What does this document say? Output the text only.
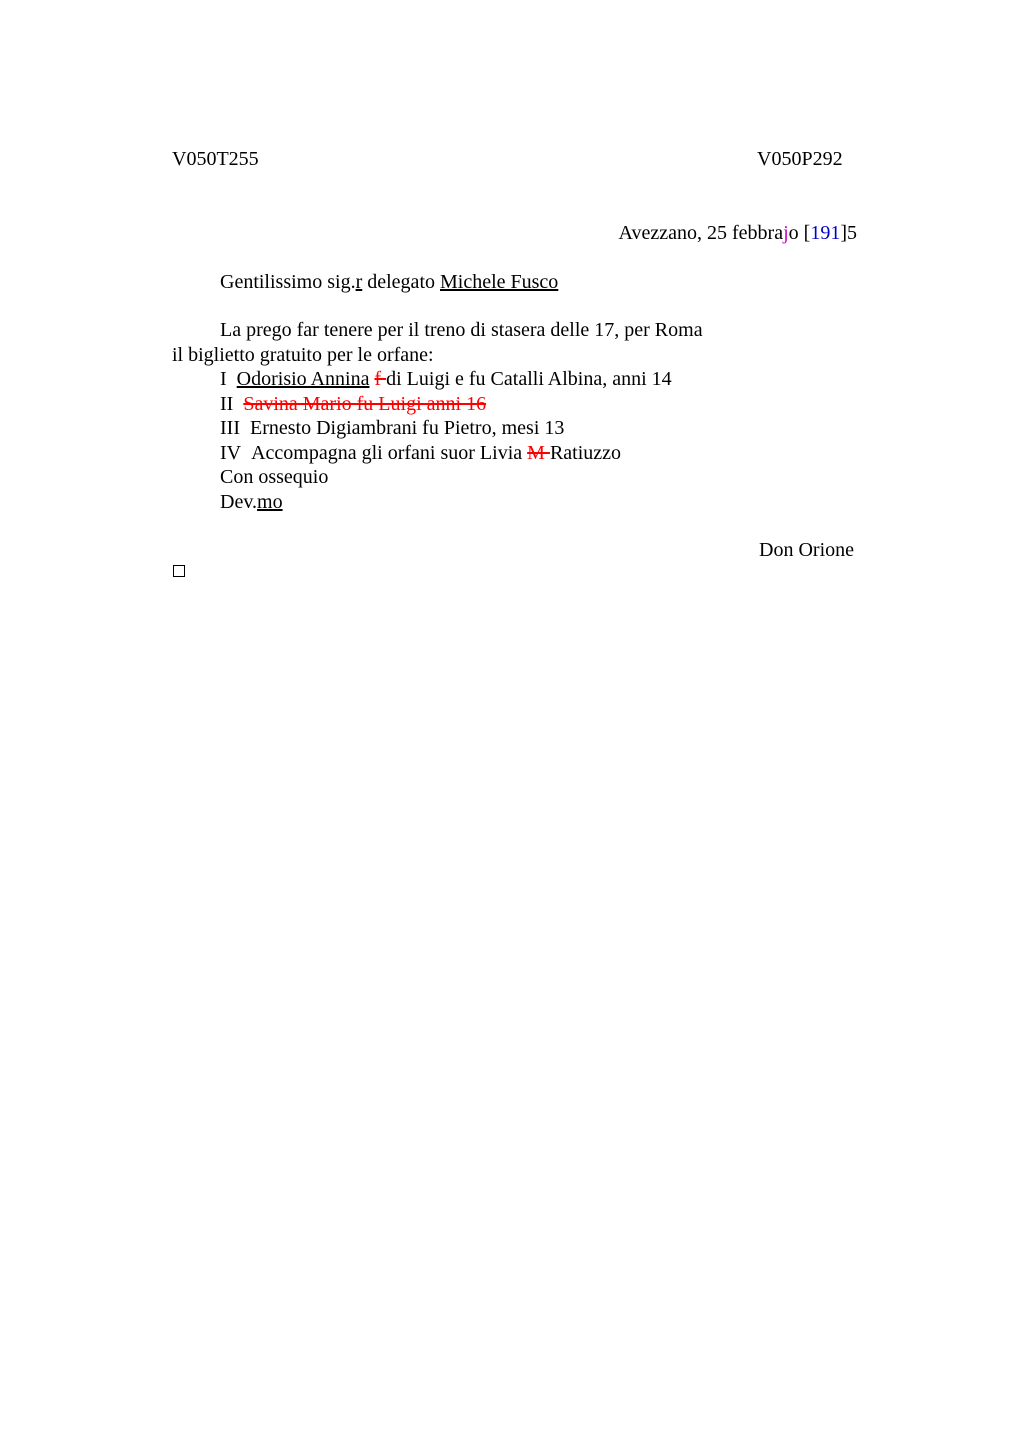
V050T255	V050P292
Avezzano, 25 febbrajo [191]5
Gentilissimo sig.r delegato Michele Fusco
La prego far tenere per il treno di stasera delle 17, per Roma
il biglietto gratuito per le orfane:
I Odorisio Annina f di Luigi e fu Catalli Albina, anni 14
II Savina Mario fu Luigi anni 16
III Ernesto Digiambrani fu Pietro, mesi 13
IV Accompagna gli orfani suor Livia M Ratiuzzo
Con ossequio
Dev.mo
Don Orione
